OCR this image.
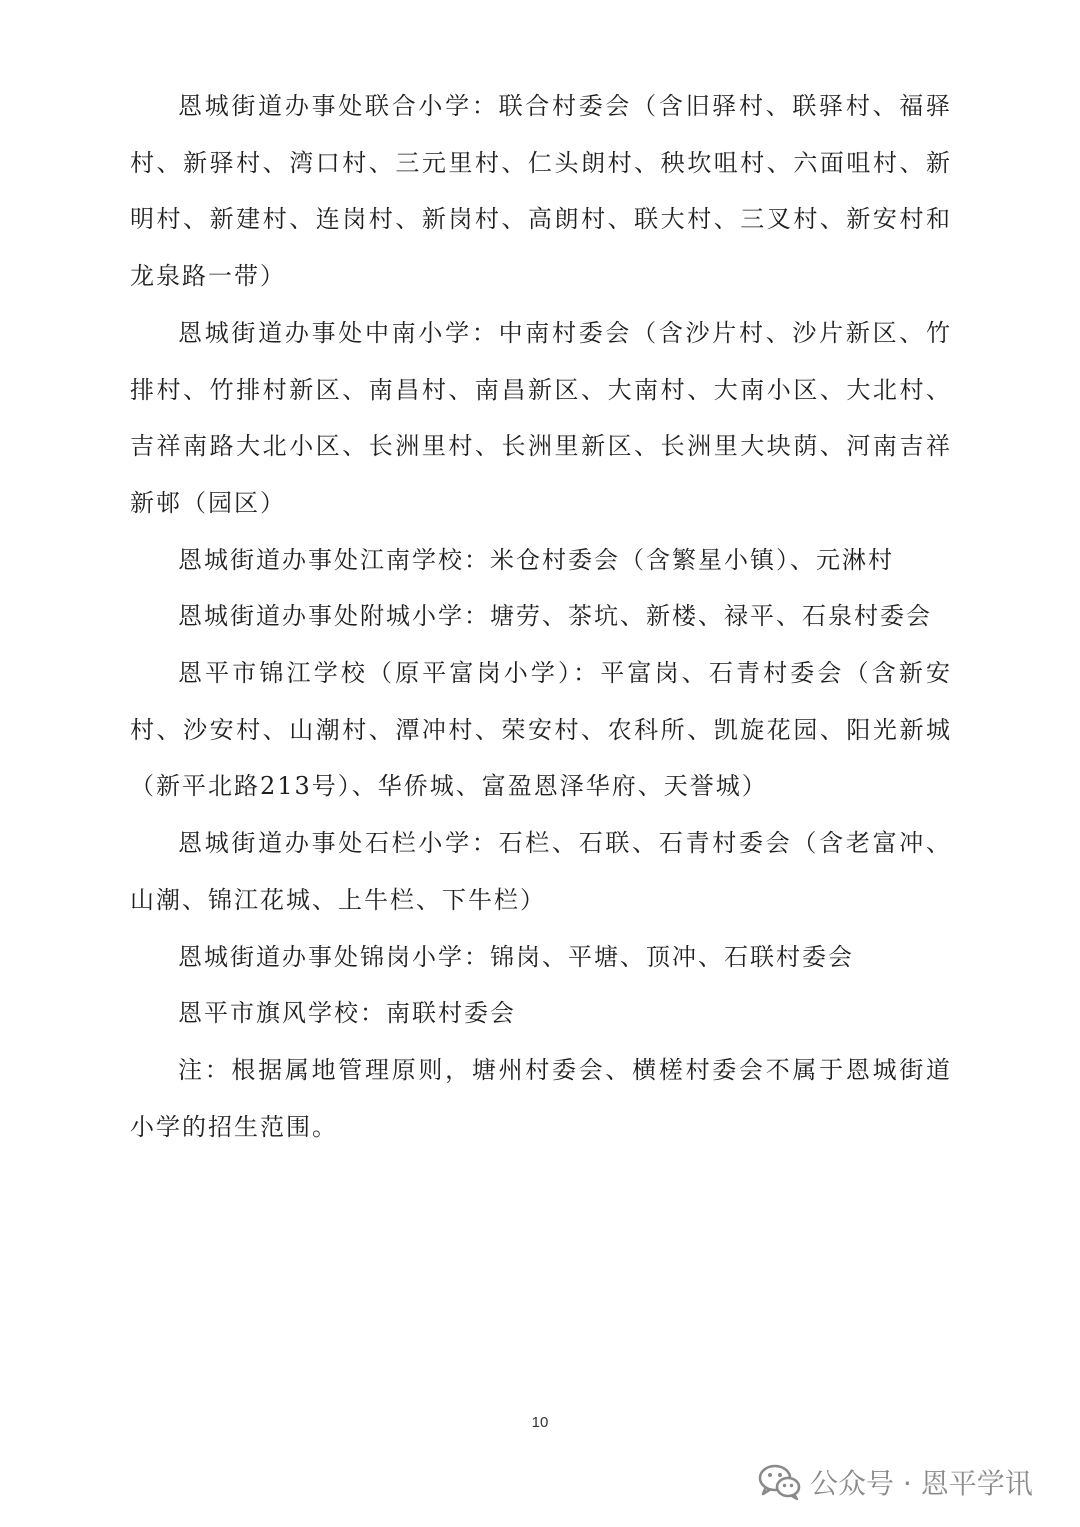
恩城街道办事处联合小学：联合村委会（含旧驿村、联驿村、福驿村、新驿村、湾口村、三元里村、仁头朗村、秧坎咀村、六面咀村、新明村、新建村、连岗村、新岗村、高朗村、联大村、三叉村、新安村和龙泉路一带）

恩城街道办事处中南小学：中南村委会（含沙片村、沙片新区、竹排村、竹排村新区、南昌村、南昌新区、大南村、大南小区、大北村、吉祥南路大北小区、长洲里村、长洲里新区、长洲里大块荫、河南吉祥新邨（园区）

恩城街道办事处江南学校：米仓村委会（含繁星小镇）、元淋村

恩城街道办事处附城小学：塘劳、茶坑、新楼、禄平、石泉村委会

恩平市锦江学校（原平富岗小学）：平富岗、石青村委会（含新安村、沙安村、山潮村、潭冲村、荣安村、农科所、凯旋花园、阳光新城（新平北路213号）、华侨城、富盈恩泽华府、天誉城）

恩城街道办事处石栏小学：石栏、石联、石青村委会（含老富冲、山潮、锦江花城、上牛栏、下牛栏）

恩城街道办事处锦岗小学：锦岗、平塘、顶冲、石联村委会

恩平市旗风学校：南联村委会

注：根据属地管理原则，塘州村委会、横槎村委会不属于恩城街道小学的招生范围。

10
公众号 · 恩平学讯
